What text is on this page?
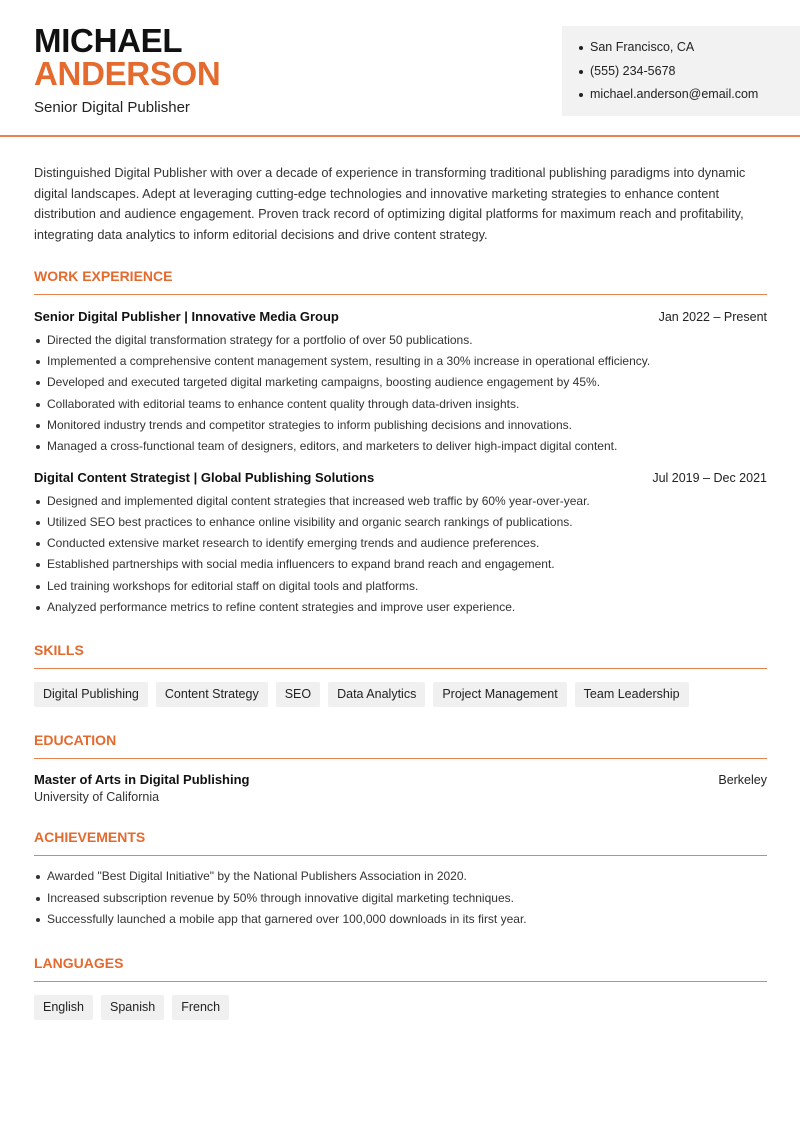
MICHAEL
ANDERSON
Senior Digital Publisher
San Francisco, CA
(555) 234-5678
michael.anderson@email.com

Distinguished Digital Publisher with over a decade of experience in transforming traditional publishing paradigms into dynamic digital landscapes. Adept at leveraging cutting-edge technologies and innovative marketing strategies to enhance content distribution and audience engagement. Proven track record of optimizing digital platforms for maximum reach and profitability, integrating data analytics to inform editorial decisions and drive content strategy.

WORK EXPERIENCE
Senior Digital Publisher | Innovative Media Group	Jan 2022 – Present
Directed the digital transformation strategy for a portfolio of over 50 publications.
Implemented a comprehensive content management system, resulting in a 30% increase in operational efficiency.
Developed and executed targeted digital marketing campaigns, boosting audience engagement by 45%.
Collaborated with editorial teams to enhance content quality through data-driven insights.
Monitored industry trends and competitor strategies to inform publishing decisions and innovations.
Managed a cross-functional team of designers, editors, and marketers to deliver high-impact digital content.
Digital Content Strategist | Global Publishing Solutions	Jul 2019 – Dec 2021
Designed and implemented digital content strategies that increased web traffic by 60% year-over-year.
Utilized SEO best practices to enhance online visibility and organic search rankings of publications.
Conducted extensive market research to identify emerging trends and audience preferences.
Established partnerships with social media influencers to expand brand reach and engagement.
Led training workshops for editorial staff on digital tools and platforms.
Analyzed performance metrics to refine content strategies and improve user experience.
SKILLS
Digital Publishing	Content Strategy	SEO	Data Analytics	Project Management	Team Leadership
EDUCATION
Master of Arts in Digital Publishing	Berkeley
University of California
ACHIEVEMENTS
Awarded "Best Digital Initiative" by the National Publishers Association in 2020.
Increased subscription revenue by 50% through innovative digital marketing techniques.
Successfully launched a mobile app that garnered over 100,000 downloads in its first year.
LANGUAGES
English	Spanish	French
